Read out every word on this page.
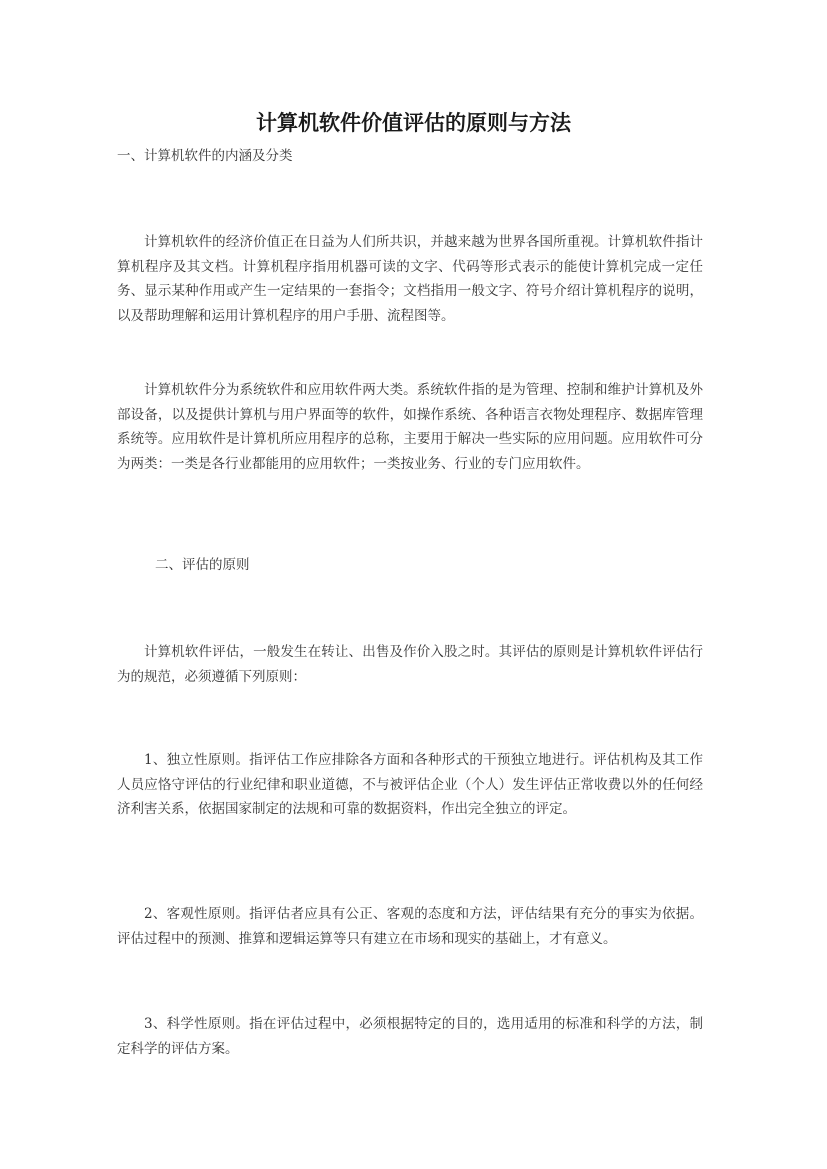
计算机软件价值评估的原则与方法

一、计算机软件的内涵及分类

计算机软件的经济价值正在日益为人们所共识，并越来越为世界各国所重视。计算机软件指计算机程序及其文档。计算机程序指用机器可读的文字、代码等形式表示的能使计算机完成一定任务、显示某种作用或产生一定结果的一套指令；文档指用一般文字、符号介绍计算机程序的说明，以及帮助理解和运用计算机程序的用户手册、流程图等。

计算机软件分为系统软件和应用软件两大类。系统软件指的是为管理、控制和维护计算机及外部设备，以及提供计算机与用户界面等的软件，如操作系统、各种语言衣物处理程序、数据库管理系统等。应用软件是计算机所应用程序的总称，主要用于解决一些实际的应用问题。应用软件可分为两类：一类是各行业都能用的应用软件；一类按业务、行业的专门应用软件。

二、评估的原则

计算机软件评估，一般发生在转让、出售及作价入股之时。其评估的原则是计算机软件评估行为的规范，必须遵循下列原则：

1、独立性原则。指评估工作应排除各方面和各种形式的干预独立地进行。评估机构及其工作人员应恪守评估的行业纪律和职业道德，不与被评估企业（个人）发生评估正常收费以外的任何经济利害关系，依据国家制定的法规和可靠的数据资料，作出完全独立的评定。

2、客观性原则。指评估者应具有公正、客观的态度和方法，评估结果有充分的事实为依据。评估过程中的预测、推算和逻辑运算等只有建立在市场和现实的基础上，才有意义。

3、科学性原则。指在评估过程中，必须根据特定的目的，选用适用的标准和科学的方法，制定科学的评估方案。
